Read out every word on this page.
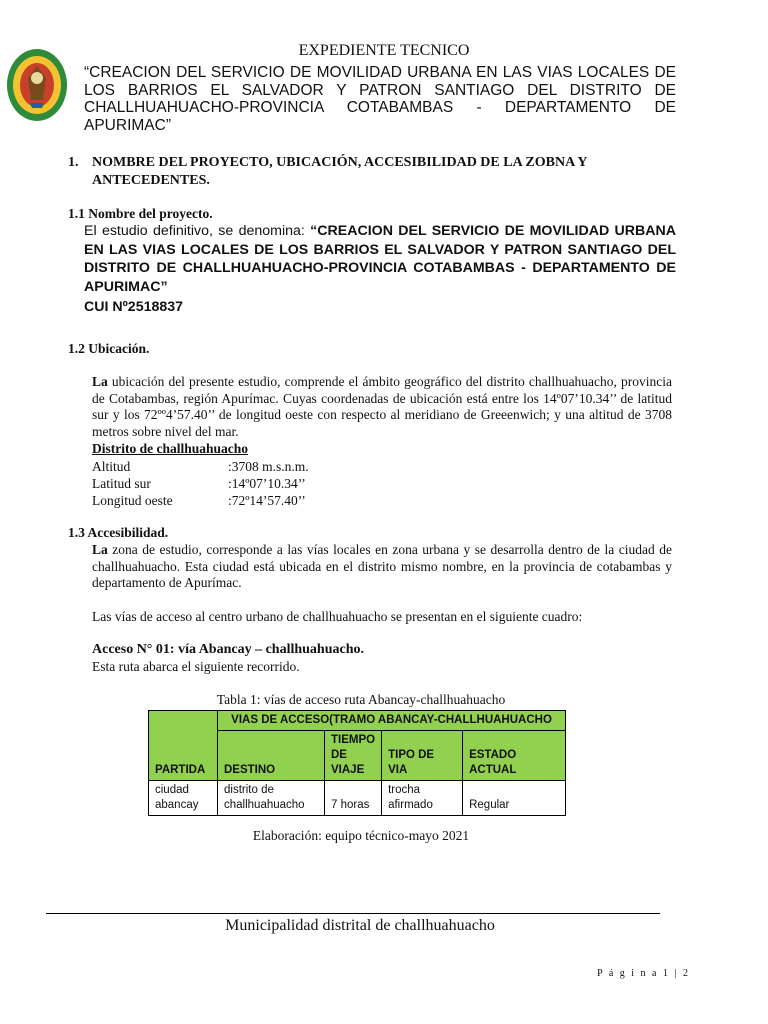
EXPEDIENTE TECNICO
“CREACION DEL SERVICIO DE MOVILIDAD URBANA EN LAS VIAS LOCALES DE LOS BARRIOS EL SALVADOR Y PATRON SANTIAGO DEL DISTRITO DE CHALLHUAHUACHO-PROVINCIA COTABAMBAS - DEPARTAMENTO DE APURIMAC”
1. NOMBRE DEL PROYECTO, UBICACIÓN, ACCESIBILIDAD DE LA ZOBNA Y ANTECEDENTES.
1.1 Nombre del proyecto.
El estudio definitivo, se denomina: “CREACION DEL SERVICIO DE MOVILIDAD URBANA EN LAS VIAS LOCALES DE LOS BARRIOS EL SALVADOR Y PATRON SANTIAGO DEL DISTRITO DE CHALLHUAHUACHO-PROVINCIA COTABAMBAS - DEPARTAMENTO DE APURIMAC”
CUI Nº2518837
1.2 Ubicación.
La ubicación del presente estudio, comprende el ámbito geográfico del distrito challhuahuacho, provincia de Cotabambas, región Apurímac. Cuyas coordenadas de ubicación está entre los 14º07’10.34’’ de latitud sur y los 72ºº4’57.40’’ de longitud oeste con respecto al meridiano de Greeenwich; y una altitud de 3708 metros sobre nivel del mar.
Distrito de challhuahuacho
Altitud	:3708 m.s.n.m.
Latitud sur	:14º07’10.34’’
Longitud oeste	:72º14’57.40’’
1.3 Accesibilidad.
La zona de estudio, corresponde a las vías locales en zona urbana y se desarrolla dentro de la ciudad de challhuahuacho. Esta ciudad está ubicada en el distrito mismo nombre, en la provincia de cotabambas y departamento de Apurímac.
Las vías de acceso al centro urbano de challhuahuacho se presentan en el siguiente cuadro:
Acceso N° 01: vía Abancay – challhuahuacho.
Esta ruta abarca el siguiente recorrido.
Tabla 1: vías de acceso ruta Abancay-challhuahuacho
PARTIDA	VIAS DE ACCESO(TRAMO ABANCAY-CHALLHUAHUACHO			
	DESTINO	TIEMPO DE VIAJE	TIPO DE VIA	ESTADO ACTUAL
ciudad abancay	distrito de challhuahuacho	7 horas	trocha afirmado	Regular
Elaboración: equipo técnico-mayo 2021
Municipalidad distrital de challhuahuacho
P á g i n a 1 | 2
